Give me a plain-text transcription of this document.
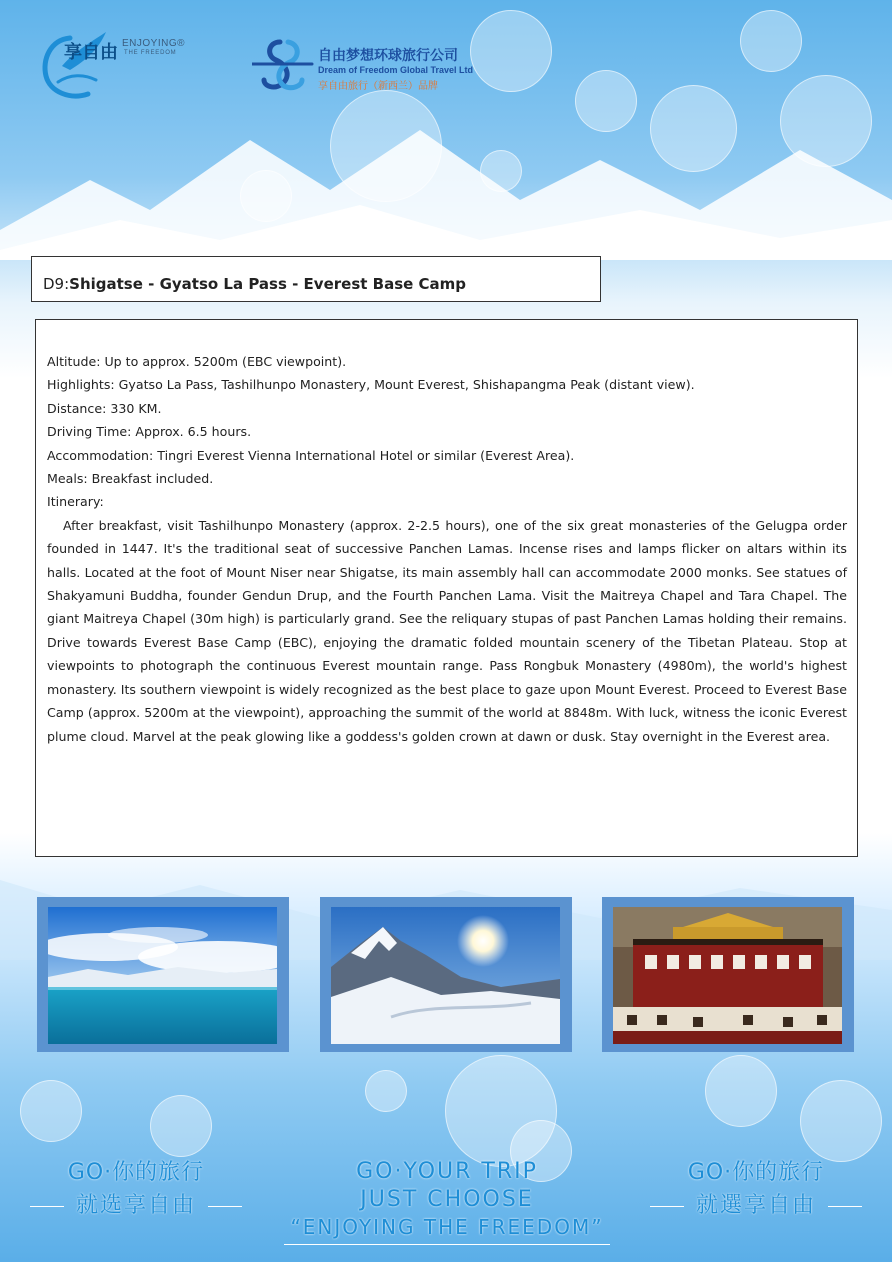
享自由 ENJOYING®
THE FREEDOM	自由梦想环球旅行公司
Dream of Freedom Global Travel Ltd
享自由旅行（新西兰）品牌
D9:Shigatse - Gyatso La Pass - Everest Base Camp

Altitude: Up to approx. 5200m (EBC viewpoint).

Highlights: Gyatso La Pass, Tashilhunpo Monastery, Mount Everest, Shishapangma Peak (distant view).

Distance: 330 KM.

Driving Time: Approx. 6.5 hours.

Accommodation: Tingri Everest Vienna International Hotel or similar (Everest Area).

Meals: Breakfast included.

Itinerary:

After breakfast, visit Tashilhunpo Monastery (approx. 2-2.5 hours), one of the six great monasteries of the Gelugpa order founded in 1447. It's the traditional seat of successive Panchen Lamas. Incense rises and lamps flicker on altars within its halls. Located at the foot of Mount Niser near Shigatse, its main assembly hall can accommodate 2000 monks. See statues of Shakyamuni Buddha, founder Gendun Drup, and the Fourth Panchen Lama. Visit the Maitreya Chapel and Tara Chapel. The giant Maitreya Chapel (30m high) is particularly grand. See the reliquary stupas of past Panchen Lamas holding their remains. Drive towards Everest Base Camp (EBC), enjoying the dramatic folded mountain scenery of the Tibetan Plateau. Stop at viewpoints to photograph the continuous Everest mountain range. Pass Rongbuk Monastery (4980m), the world's highest monastery. Its southern viewpoint is widely recognized as the best place to gaze upon Mount Everest. Proceed to Everest Base Camp (approx. 5200m at the viewpoint), approaching the summit of the world at 8848m. With luck, witness the iconic Everest plume cloud. Marvel at the peak glowing like a goddess's golden crown at dawn or dusk. Stay overnight in the Everest area.

GO·你的旅行
就选享自由
GO·YOUR TRIP
JUST CHOOSE
“ENJOYING THE FREEDOM”
GO·你的旅行
就選享自由
